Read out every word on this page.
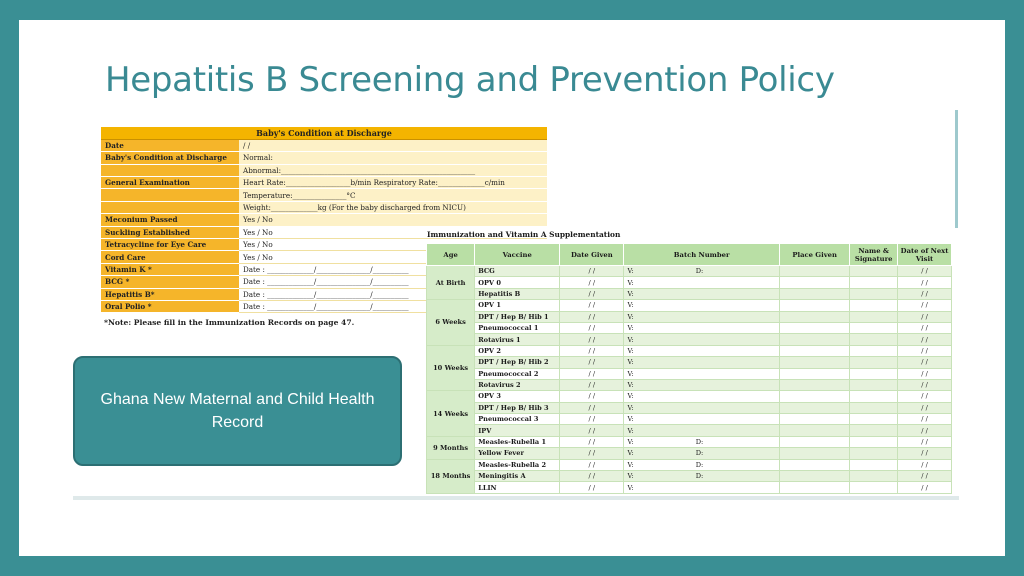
Hepatitis B Screening and Prevention Policy
Baby's Condition at Discharge	
Date	/ /
Baby's Condition at Discharge	Normal:
	Abnormal:______________________________________________________
General Examination	Heart Rate:__________________b/min Respiratory Rate:_____________c/min
	Temperature:_______________°C
	Weight:_____________kg (For the baby discharged from NICU)
Meconium Passed	Yes / No
Suckling Established	Yes / No
Tetracycline for Eye Care	Yes / No
Cord Care	Yes / No
Vitamin K *	Date : _____________/_______________/__________
BCG *	Date : _____________/_______________/__________
Hepatitis B*	Date : _____________/_______________/__________
Oral Polio *	Date : _____________/_______________/__________
*Note: Please fill in the Immunization Records on page 47.
Immunization and Vitamin A Supplementation
Age	Vaccine	Date Given	Batch Number	Place Given	Name & Signature	Date of Next Visit
At Birth	BCG	/ /	V: D:			/ /
	OPV 0	/ /	V:			/ /
	Hepatitis B	/ /	V:			/ /
6 Weeks	OPV 1	/ /	V:			/ /
	DPT / Hep B/ Hib 1	/ /	V:			/ /
	Pneumococcal 1	/ /	V:			/ /
	Rotavirus 1	/ /	V:			/ /
10 Weeks	OPV 2	/ /	V:			/ /
	DPT / Hep B/ Hib 2	/ /	V:			/ /
	Pneumococcal 2	/ /	V:			/ /
	Rotavirus 2	/ /	V:			/ /
14 Weeks	OPV 3	/ /	V:			/ /
	DPT / Hep B/ Hib 3	/ /	V:			/ /
	Pneumococcal 3	/ /	V:			/ /
	IPV	/ /	V:			/ /
9 Months	Measles-Rubella 1	/ /	V: D:			/ /
	Yellow Fever	/ /	V: D:			/ /
18 Months	Measles-Rubella 2	/ /	V: D:			/ /
	Meningitis A	/ /	V: D:			/ /
	LLIN	/ /	V:			/ /
Ghana New Maternal and Child Health Record
